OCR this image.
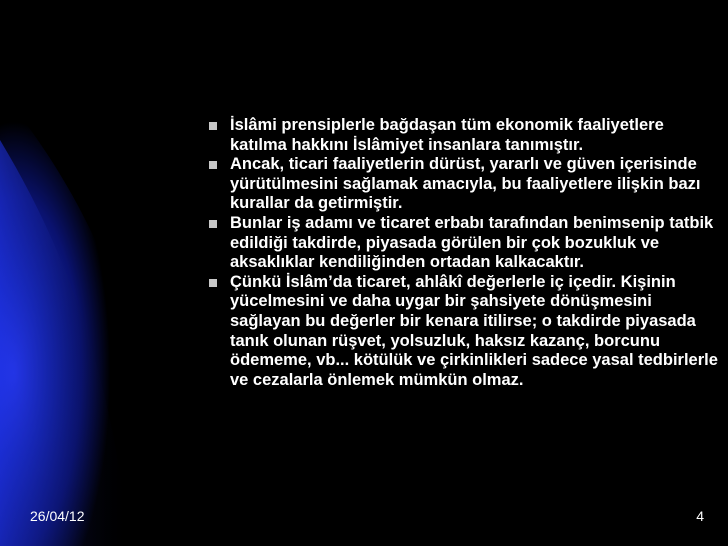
İslâmi prensiplerle bağdaşan tüm ekonomik faaliyetlere katılma hakkını İslâmiyet insanlara tanımıştır.
Ancak, ticari faaliyetlerin dürüst, yararlı ve güven içerisinde yürütülmesini sağlamak amacıyla, bu faaliyetlere ilişkin bazı kurallar da getirmiştir.
Bunlar iş adamı ve ticaret erbabı tarafından benimsenip tatbik edildiği takdirde, piyasada görülen bir çok bozukluk ve aksaklıklar kendiliğinden ortadan kalkacaktır.
Çünkü İslâm’da ticaret, ahlâkî değerlerle iç içedir. Kişinin yücelmesini ve daha uygar bir şahsiyete dönüşmesini sağlayan bu değerler bir kenara itilirse; o takdirde piyasada tanık olunan rüşvet, yolsuzluk, haksız kazanç, borcunu ödememe, vb... kötülük ve çirkinlikleri sadece yasal tedbirlerle ve cezalarla önlemek mümkün olmaz.
26/04/12	4
